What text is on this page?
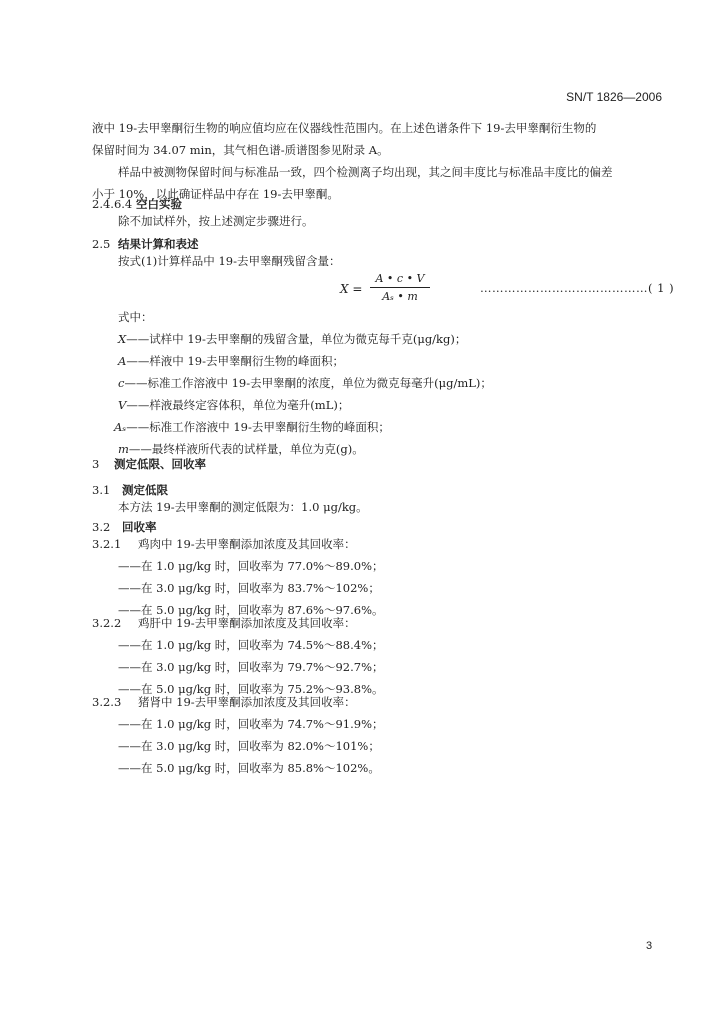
SN/T 1826—2006
液中 19-去甲睾酮衍生物的响应值均应在仪器线性范围内。在上述色谱条件下 19-去甲睾酮衍生物的
保留时间为 34.07 min，其气相色谱-质谱图参见附录 A。
样品中被测物保留时间与标准品一致，四个检测离子均出现，其之间丰度比与标准品丰度比的偏差
小于 10%，以此确证样品中存在 19-去甲睾酮。
2.4.6.4 空白实验
除不加试样外，按上述测定步骤进行。
2.5 结果计算和表述
按式(1)计算样品中 19-去甲睾酮残留含量：
X =
A • c • V
Aₛ • m
……………………………………( 1 )
式中：
X——试样中 19-去甲睾酮的残留含量，单位为微克每千克(μg/kg)；
A——样液中 19-去甲睾酮衍生物的峰面积；
c——标准工作溶液中 19-去甲睾酮的浓度，单位为微克每毫升(μg/mL)；
V——样液最终定容体积，单位为毫升(mL)；
Aₛ——标准工作溶液中 19-去甲睾酮衍生物的峰面积；
m——最终样液所代表的试样量，单位为克(g)。
3 测定低限、回收率
3.1 测定低限
本方法 19-去甲睾酮的测定低限为：1.0 μg/kg。
3.2 回收率
3.2.1 鸡肉中 19-去甲睾酮添加浓度及其回收率：
——在 1.0 μg/kg 时，回收率为 77.0%～89.0%；
——在 3.0 μg/kg 时，回收率为 83.7%～102%；
——在 5.0 μg/kg 时，回收率为 87.6%～97.6%。
3.2.2 鸡肝中 19-去甲睾酮添加浓度及其回收率：
——在 1.0 μg/kg 时，回收率为 74.5%～88.4%；
——在 3.0 μg/kg 时，回收率为 79.7%～92.7%；
——在 5.0 μg/kg 时，回收率为 75.2%～93.8%。
3.2.3 猪肾中 19-去甲睾酮添加浓度及其回收率：
——在 1.0 μg/kg 时，回收率为 74.7%～91.9%；
——在 3.0 μg/kg 时，回收率为 82.0%～101%；
——在 5.0 μg/kg 时，回收率为 85.8%～102%。
3
